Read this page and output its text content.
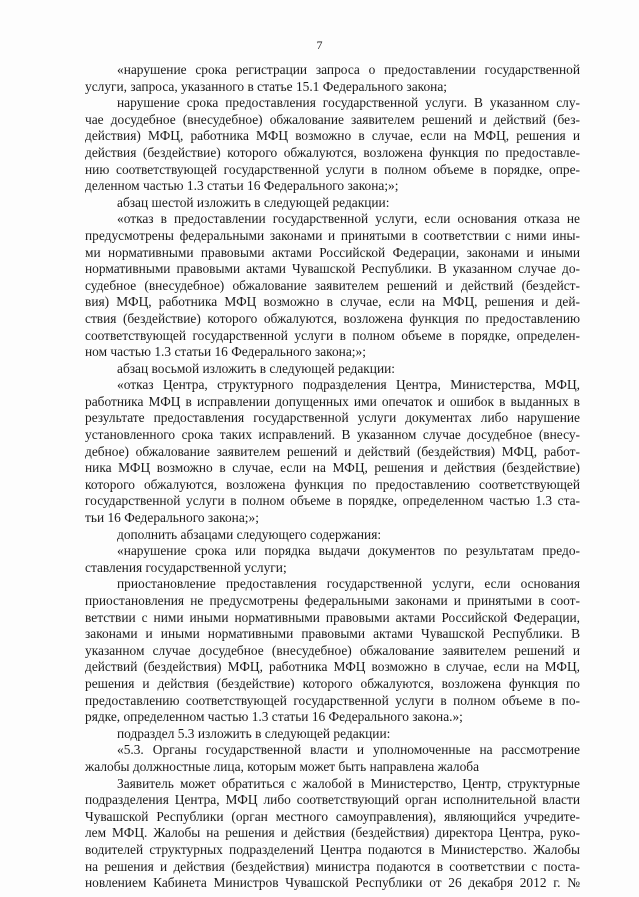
7
«нарушение срока регистрации запроса о предоставлении государственной
услуги, запроса, указанного в статье 15.1 Федерального закона;
нарушение срока предоставления государственной услуги. В указанном слу-
чае досудебное (внесудебное) обжалование заявителем решений и действий (без-
действия) МФЦ, работника МФЦ возможно в случае, если на МФЦ, решения и
действия (бездействие) которого обжалуются, возложена функция по предоставле-
нию соответствующей государственной услуги в полном объеме в порядке, опре-
деленном частью 1.3 статьи 16 Федерального закона;»;
абзац шестой изложить в следующей редакции:
«отказ в предоставлении государственной услуги, если основания отказа не
предусмотрены федеральными законами и принятыми в соответствии с ними ины-
ми нормативными правовыми актами Российской Федерации, законами и иными
нормативными правовыми актами Чувашской Республики. В указанном случае до-
судебное (внесудебное) обжалование заявителем решений и действий (бездейст-
вия) МФЦ, работника МФЦ возможно в случае, если на МФЦ, решения и дей-
ствия (бездействие) которого обжалуются, возложена функция по предоставлению
соответствующей государственной услуги в полном объеме в порядке, определен-
ном частью 1.3 статьи 16 Федерального закона;»;
абзац восьмой изложить в следующей редакции:
«отказ Центра, структурного подразделения Центра, Министерства, МФЦ,
работника МФЦ в исправлении допущенных ими опечаток и ошибок в выданных в
результате предоставления государственной услуги документах либо нарушение
установленного срока таких исправлений. В указанном случае досудебное (внесу-
дебное) обжалование заявителем решений и действий (бездействия) МФЦ, работ-
ника МФЦ возможно в случае, если на МФЦ, решения и действия (бездействие)
которого обжалуются, возложена функция по предоставлению соответствующей
государственной услуги в полном объеме в порядке, определенном частью 1.3 ста-
тьи 16 Федерального закона;»;
дополнить абзацами следующего содержания:
«нарушение срока или порядка выдачи документов по результатам предо-
ставления государственной услуги;
приостановление предоставления государственной услуги, если основания
приостановления не предусмотрены федеральными законами и принятыми в соот-
ветствии с ними иными нормативными правовыми актами Российской Федерации,
законами и иными нормативными правовыми актами Чувашской Республики. В
указанном случае досудебное (внесудебное) обжалование заявителем решений и
действий (бездействия) МФЦ, работника МФЦ возможно в случае, если на МФЦ,
решения и действия (бездействие) которого обжалуются, возложена функция по
предоставлению соответствующей государственной услуги в полном объеме в по-
рядке, определенном частью 1.3 статьи 16 Федерального закона.»;
подраздел 5.3 изложить в следующей редакции:
«5.3. Органы государственной власти и уполномоченные на рассмотрение
жалобы должностные лица, которым может быть направлена жалоба
Заявитель может обратиться с жалобой в Министерство, Центр, структурные
подразделения Центра, МФЦ либо соответствующий орган исполнительной власти
Чувашской Республики (орган местного самоуправления), являющийся учредите-
лем МФЦ. Жалобы на решения и действия (бездействия) директора Центра, руко-
водителей структурных подразделений Центра подаются в Министерство. Жалобы
на решения и действия (бездействия) министра подаются в соответствии с поста-
новлением Кабинета Министров Чувашской Республики от 26 декабря 2012 г. №
